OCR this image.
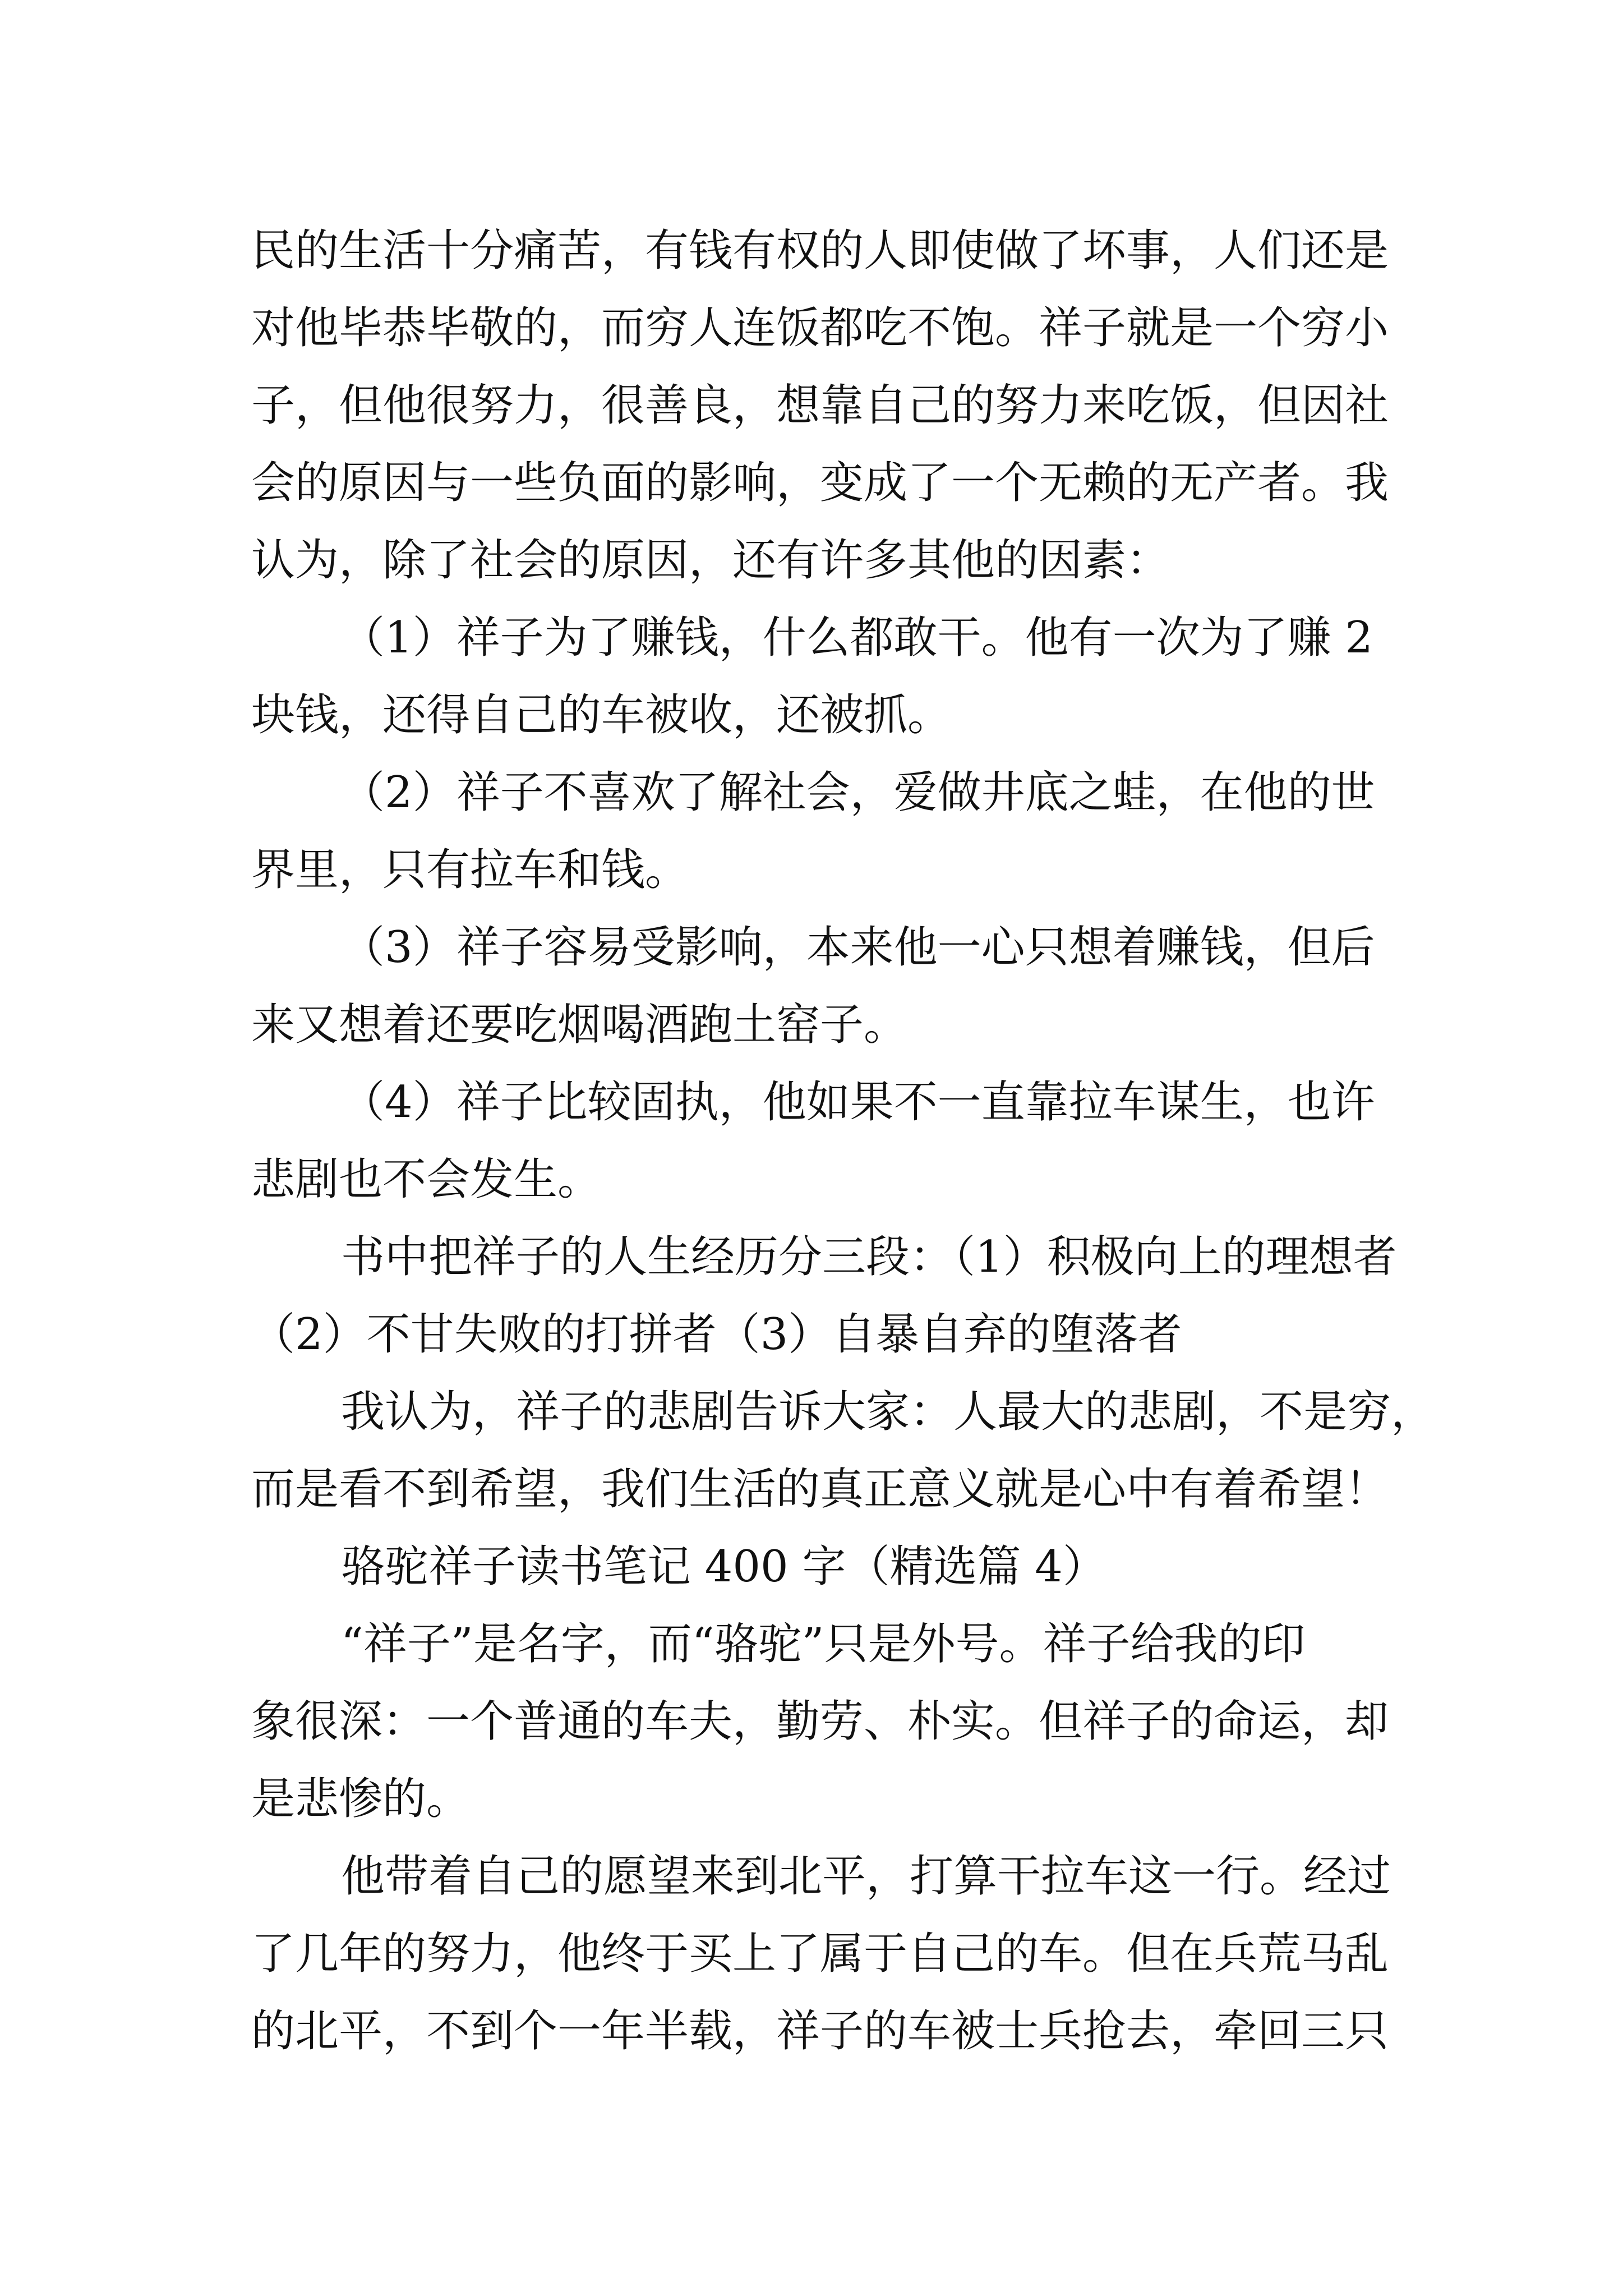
民的生活十分痛苦，有钱有权的人即使做了坏事，人们还是
对他毕恭毕敬的，而穷人连饭都吃不饱。祥子就是一个穷小
子，但他很努力，很善良，想靠自己的努力来吃饭，但因社
会的原因与一些负面的影响，变成了一个无赖的无产者。我
认为，除了社会的原因，还有许多其他的因素：
（1）祥子为了赚钱，什么都敢干。他有一次为了赚 2
块钱，还得自己的车被收，还被抓。
（2）祥子不喜欢了解社会，爱做井底之蛙，在他的世
界里，只有拉车和钱。
（3）祥子容易受影响，本来他一心只想着赚钱，但后
来又想着还要吃烟喝酒跑土窑子。
（4）祥子比较固执，他如果不一直靠拉车谋生，也许
悲剧也不会发生。
书中把祥子的人生经历分三段：（1）积极向上的理想者
（2）不甘失败的打拼者（3）自暴自弃的堕落者
我认为，祥子的悲剧告诉大家：人最大的悲剧，不是穷，
而是看不到希望，我们生活的真正意义就是心中有着希望！
骆驼祥子读书笔记 400 字（精选篇 4）
“祥子”是名字，而“骆驼”只是外号。祥子给我的印
象很深：一个普通的车夫，勤劳、朴实。但祥子的命运，却
是悲惨的。
他带着自己的愿望来到北平，打算干拉车这一行。经过
了几年的努力，他终于买上了属于自己的车。但在兵荒马乱
的北平，不到个一年半载，祥子的车被士兵抢去，牵回三只
